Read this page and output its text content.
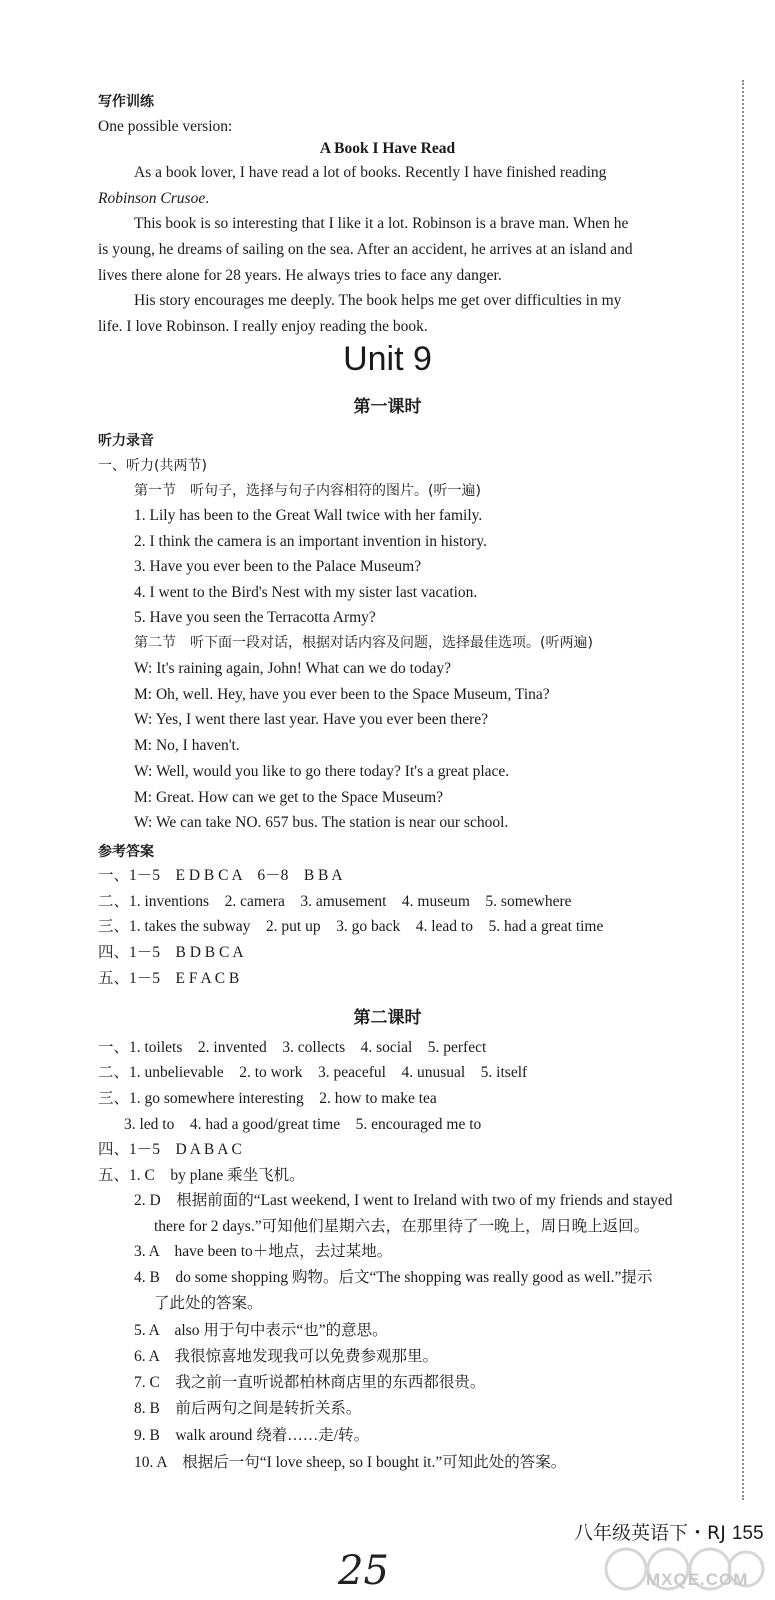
写作训练
One possible version:
A Book I Have Read
As a book lover, I have read a lot of books. Recently I have finished reading
Robinson Crusoe.
This book is so interesting that I like it a lot. Robinson is a brave man. When he
is young, he dreams of sailing on the sea. After an accident, he arrives at an island and
lives there alone for 28 years. He always tries to face any danger.
His story encourages me deeply. The book helps me get over difficulties in my
life. I love Robinson. I really enjoy reading the book.
Unit 9
第一课时
听力录音
一、听力(共两节)
第一节　听句子，选择与句子内容相符的图片。(听一遍)
1. Lily has been to the Great Wall twice with her family.
2. I think the camera is an important invention in history.
3. Have you ever been to the Palace Museum?
4. I went to the Bird's Nest with my sister last vacation.
5. Have you seen the Terracotta Army?
第二节　听下面一段对话，根据对话内容及问题，选择最佳选项。(听两遍)
W: It's raining again, John! What can we do today?
M: Oh, well. Hey, have you ever been to the Space Museum, Tina?
W: Yes, I went there last year. Have you ever been there?
M: No, I haven't.
W: Well, would you like to go there today? It's a great place.
M: Great. How can we get to the Space Museum?
W: We can take NO. 657 bus. The station is near our school.
参考答案
一、1－5　E D B C A　6－8　B B A
二、1. inventions　2. camera　3. amusement　4. museum　5. somewhere
三、1. takes the subway　2. put up　3. go back　4. lead to　5. had a great time
四、1－5　B D B C A
五、1－5　E F A C B
第二课时
一、1. toilets　2. invented　3. collects　4. social　5. perfect
二、1. unbelievable　2. to work　3. peaceful　4. unusual　5. itself
三、1. go somewhere interesting　2. how to make tea
3. led to　4. had a good/great time　5. encouraged me to
四、1－5　D A B A C
五、1. C　by plane 乘坐飞机。
2. D　根据前面的“Last weekend, I went to Ireland with two of my friends and stayed
there for 2 days.”可知他们星期六去，在那里待了一晚上，周日晚上返回。
3. A　have been to＋地点，去过某地。
4. B　do some shopping 购物。后文“The shopping was really good as well.”提示
了此处的答案。
5. A　also 用于句中表示“也”的意思。
6. A　我很惊喜地发现我可以免费参观那里。
7. C　我之前一直听说都柏林商店里的东西都很贵。
8. B　前后两句之间是转折关系。
9. B　walk around 绕着……走/转。
10. A　根据后一句“I love sheep, so I bought it.”可知此处的答案。
八年级英语下・RJ 155
25	MXQE.COM
